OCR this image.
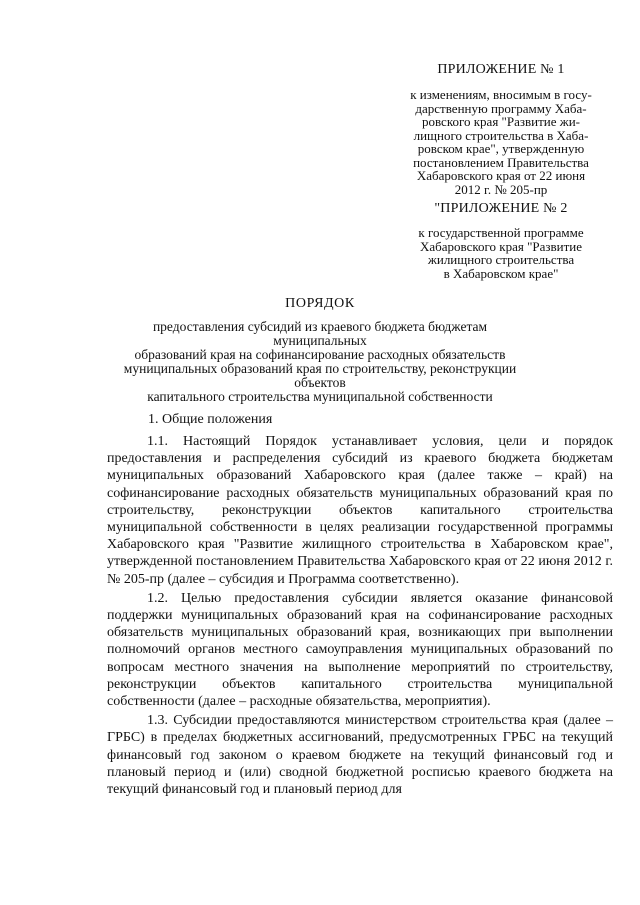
ПРИЛОЖЕНИЕ № 1
к изменениям, вносимым в госу-
дарственную программу Хаба-
ровского края "Развитие жи-
лищного строительства в Хаба-
ровском крае", утвержденную
постановлением Правительства
Хабаровского края от 22 июня
2012 г. № 205-пр
"ПРИЛОЖЕНИЕ № 2
к государственной программе
Хабаровского края "Развитие
жилищного строительства
в Хабаровском крае"
ПОРЯДОК
предоставления субсидий из краевого бюджета бюджетам муниципальных
образований края на софинансирование расходных обязательств
муниципальных образований края по строительству, реконструкции объектов
капитального строительства муниципальной собственности
1. Общие положения

1.1. Настоящий Порядок устанавливает условия, цели и порядок предоставления и распределения субсидий из краевого бюджета бюджетам муниципальных образований Хабаровского края (далее также – край) на софинансирование расходных обязательств муниципальных образований края по строительству, реконструкции объектов капитального строительства муниципальной собственности в целях реализации государственной программы Хабаровского края "Развитие жилищного строительства в Хабаровском крае", утвержденной постановлением Правительства Хабаровского края от 22 июня 2012 г. № 205-пр (далее – субсидия и Программа соответственно).

1.2. Целью предоставления субсидии является оказание финансовой поддержки муниципальных образований края на софинансирование расходных обязательств муниципальных образований края, возникающих при выполнении полномочий органов местного самоуправления муниципальных образований по вопросам местного значения на выполнение мероприятий по строительству, реконструкции объектов капитального строительства муниципальной собственности (далее – расходные обязательства, мероприятия).

1.3. Субсидии предоставляются министерством строительства края (далее – ГРБС) в пределах бюджетных ассигнований, предусмотренных ГРБС на текущий финансовый год законом о краевом бюджете на текущий финансовый год и плановый период и (или) сводной бюджетной росписью краевого бюджета на текущий финансовый год и плановый период для
